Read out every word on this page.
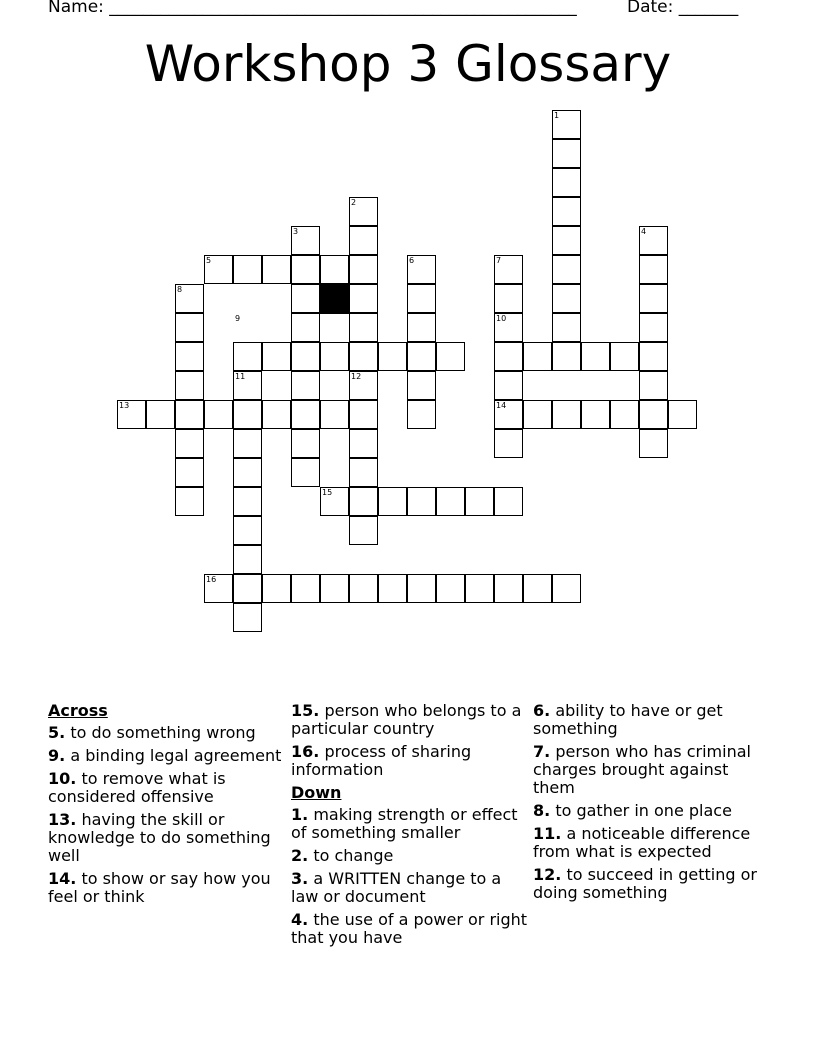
Name: _______________________________________________________	Date: _______
Workshop 3 Glossary
1
2
3	4
5	6	7
8
9	10
11	12
13	14
15
16
Across
5. to do something wrong
9. a binding legal agreement
10. to remove what is considered offensive
13. having the skill or knowledge to do something well
14. to show or say how you feel or think
15. person who belongs to a particular country
16. process of sharing information
Down
1. making strength or effect of something smaller
2. to change
3. a WRITTEN change to a law or document
4. the use of a power or right that you have
6. ability to have or get something
7. person who has criminal charges brought against them
8. to gather in one place
11. a noticeable difference from what is expected
12. to succeed in getting or doing something
